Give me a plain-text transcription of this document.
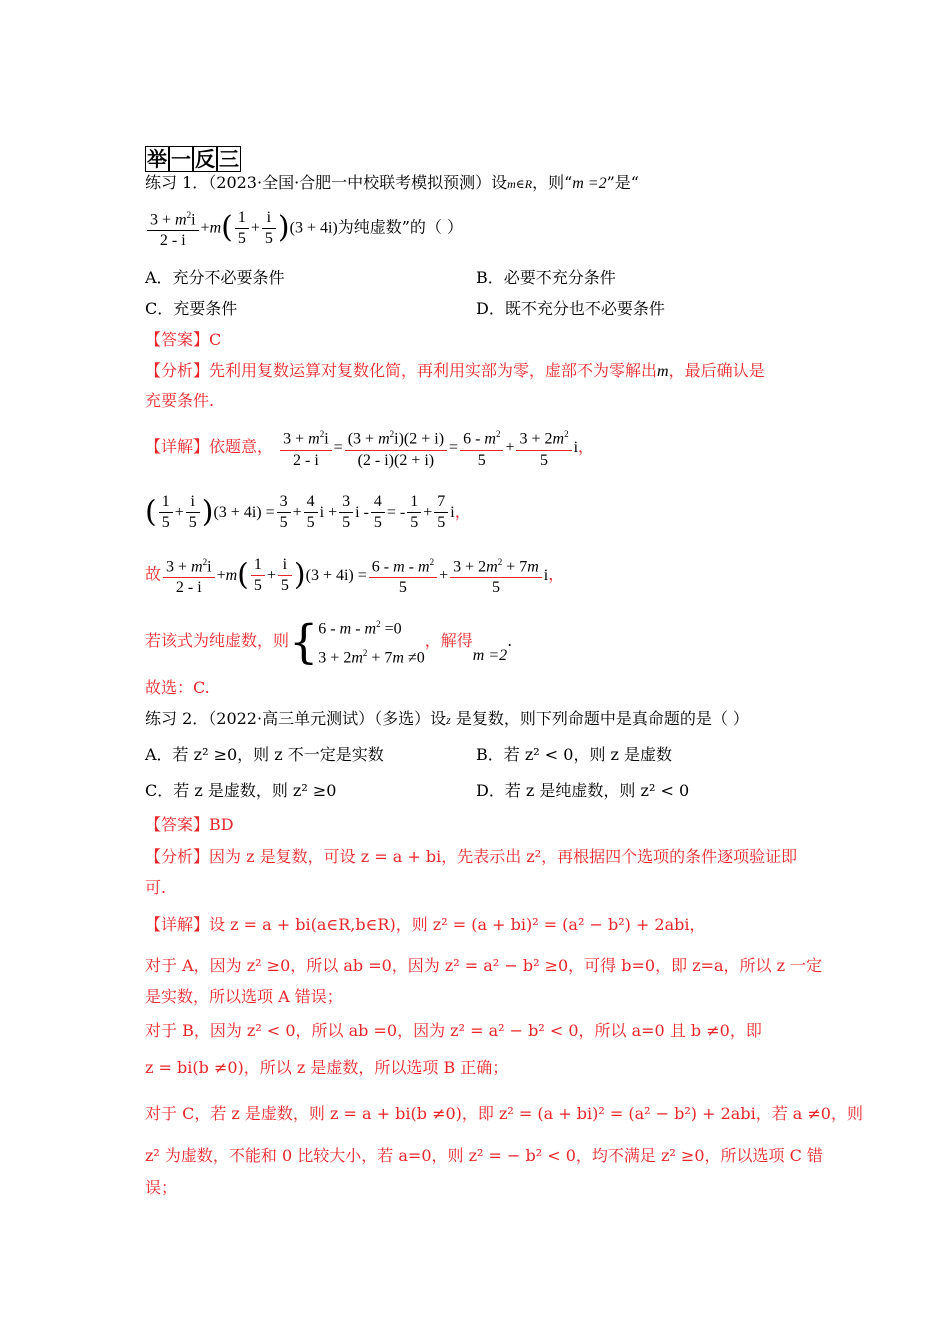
举 一 反 三
练习 1．（2023·全国·合肥一中校联考模拟预测）设m∈R，则“m =2”是“
$\frac{3 + m^2i}{2 - i} +m( \frac{1}{5} + \frac{i}{5} )(3 + 4i)$为纯虚数”的（ ）
A．充分不必要条件	B．必要不充分条件
C．充要条件	D．既不充分也不必要条件
【答案】C
【分析】先利用复数运算对复数化简，再利用实部为零，虚部不为零解出m，最后确认是
充要条件.
【详解】依题意， $\frac{3 + m^2i}{2 - i} = \frac{(3 + m^2i)(2 + i)}{(2 - i)(2 + i)} = \frac{6 - m^2}{5} + \frac{3 + 2m^2}{5}$ i，
( $\frac{1}{5} + \frac{i}{5} )(3 + 4i) = \frac{3}{5} + \frac{4}{5}$ $i + \frac{3}{5}$ i - $\frac{4}{5}$ = - $\frac{1}{5} + \frac{7}{5}$ i，
故 $\frac{3 + m^2i}{2 - i} +m( \frac{1}{5} + \frac{i}{5} )(3 + 4i) = \frac{6 - m - m^2}{5} + \frac{3 + 2m^2 + 7m}{5}$ i，
若该式为纯虚数，则{ $6 - m - m^2 =0$
$3 + 2m^2 + 7m \ne 0$
，解得m =2.
故选：C.
练习 2．（2022·高三单元测试）（多选）设z 是复数，则下列命题中是真命题的是（ ）
A．若 z² ≥0，则 z 不一定是实数	B．若 z² < 0，则 z 是虚数
C．若 z 是虚数，则 z² ≥0	D．若 z 是纯虚数，则 z² < 0
【答案】BD
【分析】因为 z 是复数，可设 z = a + bi，先表示出 z²，再根据四个选项的条件逐项验证即
可.
【详解】设 z = a + bi(a∈R,b∈R)，则 z² = (a + bi)² = (a² − b²) + 2abi，
对于 A，因为 z² ≥0，所以 ab =0，因为 z² = a² − b² ≥0，可得 b=0，即 z=a，所以 z 一定
是实数，所以选项 A 错误；
对于 B，因为 z² < 0，所以 ab =0，因为 z² = a² − b² < 0，所以 a=0 且 b ≠0，即
z = bi(b ≠0)，所以 z 是虚数，所以选项 B 正确；
对于 C，若 z 是虚数，则 z = a + bi(b ≠0)，即 z² = (a + bi)² = (a² − b²) + 2abi，若 a ≠0，则
z² 为虚数，不能和 0 比较大小，若 a=0，则 z² = − b² < 0，均不满足 z² ≥0，所以选项 C 错
误；
